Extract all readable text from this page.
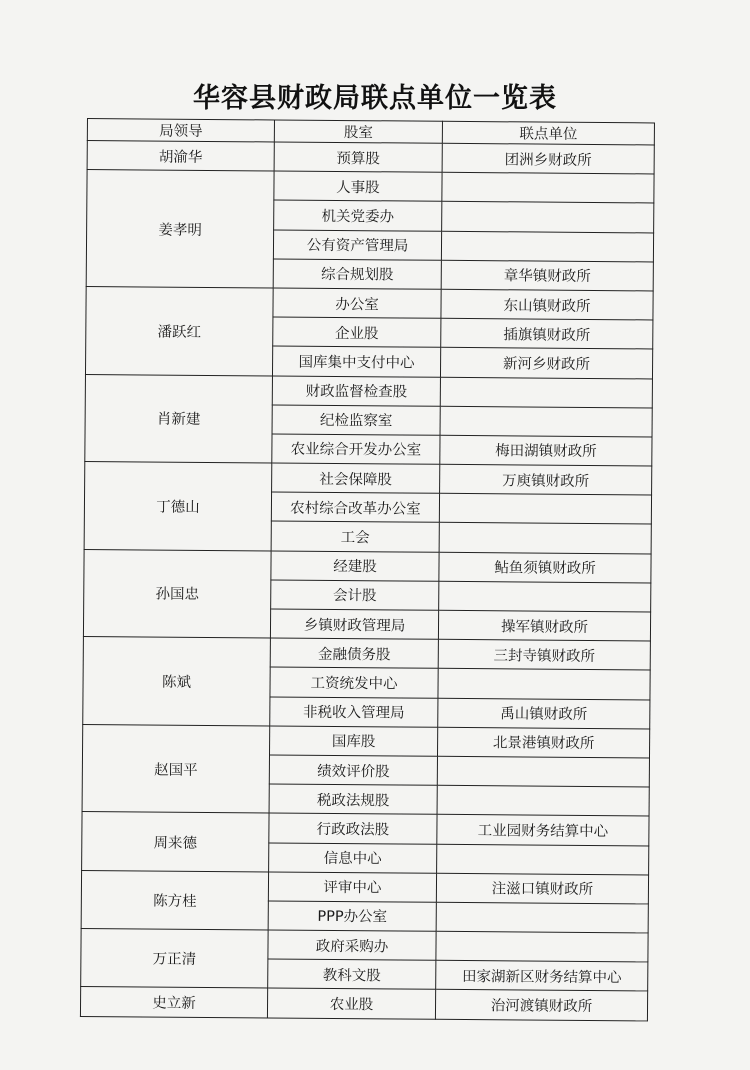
华容县财政局联点单位一览表
局领导	股室	联点单位
胡渝华	预算股	团洲乡财政所
姜孝明	人事股	
	机关党委办	
	公有资产管理局	
	综合规划股	章华镇财政所
潘跃红	办公室	东山镇财政所
	企业股	插旗镇财政所
	国库集中支付中心	新河乡财政所
肖新建	财政监督检查股	
	纪检监察室	
	农业综合开发办公室	梅田湖镇财政所
丁德山	社会保障股	万庾镇财政所
	农村综合改革办公室	
	工会	
孙国忠	经建股	鲇鱼须镇财政所
	会计股	
	乡镇财政管理局	操军镇财政所
陈斌	金融债务股	三封寺镇财政所
	工资统发中心	
	非税收入管理局	禹山镇财政所
赵国平	国库股	北景港镇财政所
	绩效评价股	
	税政法规股	
周来德	行政政法股	工业园财务结算中心
	信息中心	
陈方桂	评审中心	注滋口镇财政所
	PPP办公室	
万正清	政府采购办	
	教科文股	田家湖新区财务结算中心
史立新	农业股	治河渡镇财政所
